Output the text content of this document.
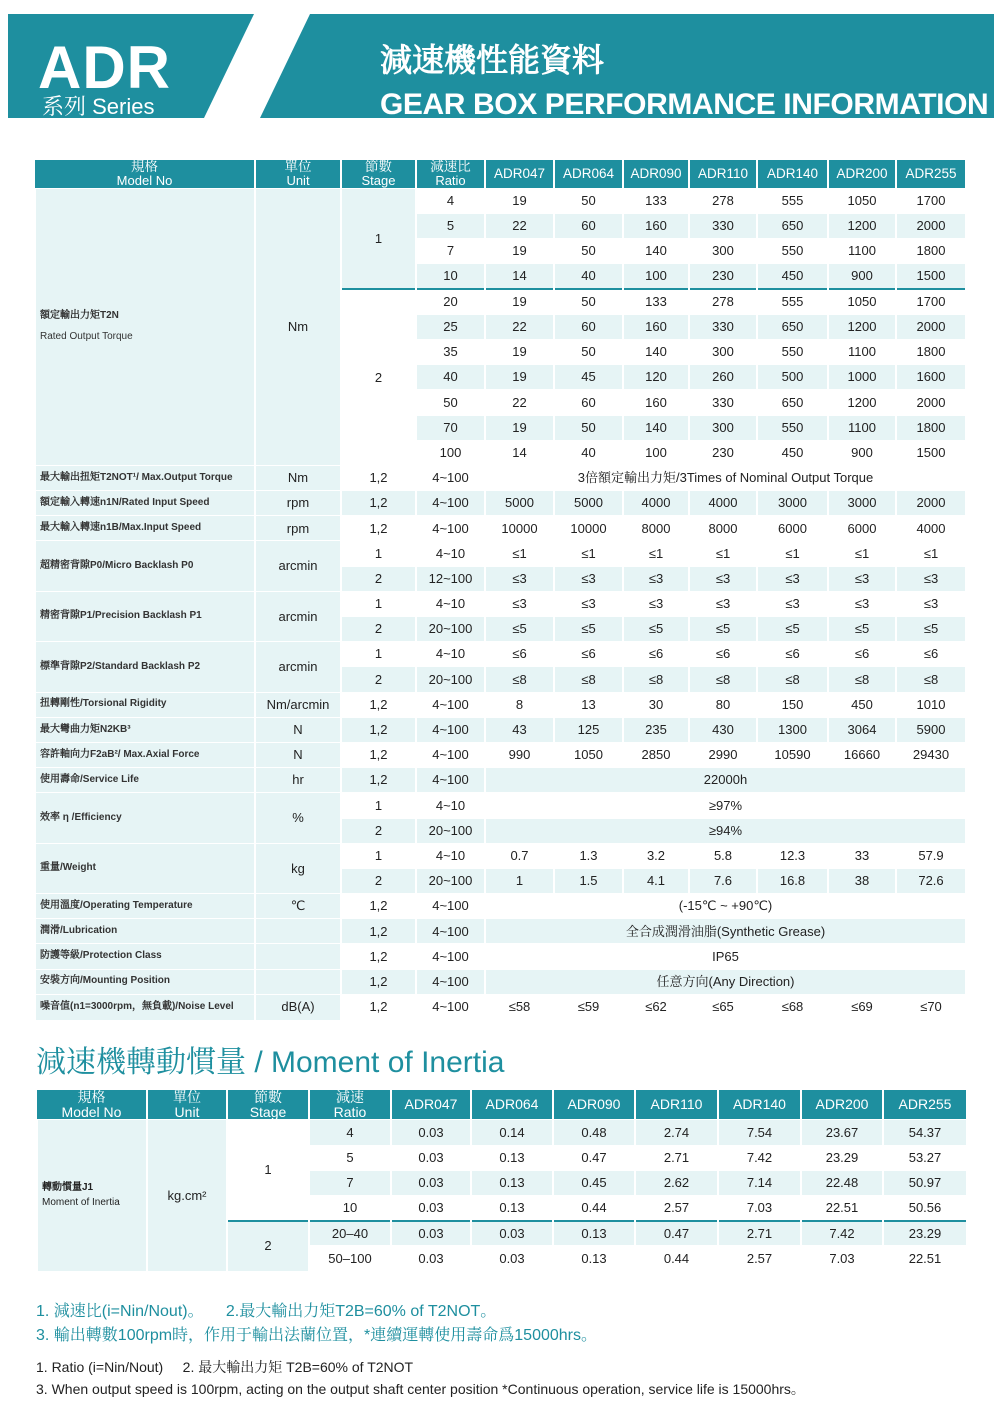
ADR
系列 Series
減速機性能資料
GEAR BOX PERFORMANCE INFORMATION
規格
Model No	單位
Unit	節數
Stage	減速比
Ratio	ADR047	ADR064	ADR090	ADR110	ADR140	ADR200	ADR255

額定輸出力矩T2N
Rated Output Torque	Nm	1	4	19	50	133	278	555	1050	1700
			5	22	60	160	330	650	1200	2000
			7	19	50	140	300	550	1100	1800
			10	14	40	100	230	450	900	1500
		2	20	19	50	133	278	555	1050	1700
			25	22	60	160	330	650	1200	2000
			35	19	50	140	300	550	1100	1800
			40	19	45	120	260	500	1000	1600
			50	22	60	160	330	650	1200	2000
			70	19	50	140	300	550	1100	1800
			100	14	40	100	230	450	900	1500
最大輸出扭矩T2NOT¹/ Max.Output Torque	Nm	1,2	4~100	3倍額定輸出力矩/3Times of Nominal Output Torque						
額定輸入轉速n1N/Rated Input Speed	rpm	1,2	4~100	5000	5000	4000	4000	3000	3000	2000
最大輸入轉速n1B/Max.Input Speed	rpm	1,2	4~100	10000	10000	8000	8000	6000	6000	4000
超精密背隙P0/Micro Backlash P0	arcmin	1	4~10	≤1	≤1	≤1	≤1	≤1	≤1	≤1
		2	12~100	≤3	≤3	≤3	≤3	≤3	≤3	≤3
精密背隙P1/Precision Backlash P1	arcmin	1	4~10	≤3	≤3	≤3	≤3	≤3	≤3	≤3
		2	20~100	≤5	≤5	≤5	≤5	≤5	≤5	≤5
標準背隙P2/Standard Backlash P2	arcmin	1	4~10	≤6	≤6	≤6	≤6	≤6	≤6	≤6
		2	20~100	≤8	≤8	≤8	≤8	≤8	≤8	≤8
扭轉剛性/Torsional Rigidity	Nm/arcmin	1,2	4~100	8	13	30	80	150	450	1010
最大彎曲力矩N2KB³	N	1,2	4~100	43	125	235	430	1300	3064	5900
容許軸向力F2aB²/ Max.Axial Force	N	1,2	4~100	990	1050	2850	2990	10590	16660	29430
使用壽命/Service Life	hr	1,2	4~100	22000h						
效率 η /Efficiency	%	1	4~10	≥97%						
		2	20~100	≥94%						
重量/Weight	kg	1	4~10	0.7	1.3	3.2	5.8	12.3	33	57.9
		2	20~100	1	1.5	4.1	7.6	16.8	38	72.6
使用溫度/Operating Temperature	℃	1,2	4~100	(-15℃ ~ +90℃)						
潤滑/Lubrication		1,2	4~100	全合成潤滑油脂(Synthetic Grease)						
防護等級/Protection Class		1,2	4~100	IP65						
安裝方向/Mounting Position		1,2	4~100	任意方向(Any Direction)						
噪音值(n1=3000rpm，無負載)/Noise Level	dB(A)	1,2	4~100	≤58	≤59	≤62	≤65	≤68	≤69	≤70
減速機轉動慣量 / Moment of Inertia
規格
Model No	單位
Unit	節數
Stage	減速
Ratio	ADR047	ADR064	ADR090	ADR110	ADR140	ADR200	ADR255

轉動慣量J1
Moment of Inertia	kg.cm²	1	4	0.03	0.14	0.48	2.74	7.54	23.67	54.37
			5	0.03	0.13	0.47	2.71	7.42	23.29	53.27
			7	0.03	0.13	0.45	2.62	7.14	22.48	50.97
			10	0.03	0.13	0.44	2.57	7.03	22.51	50.56
		2	20–40	0.03	0.03	0.13	0.47	2.71	7.42	23.29
			50–100	0.03	0.03	0.13	0.44	2.57	7.03	22.51
1. 減速比(i=Nin/Nout)。 2.最大輸出力矩T2B=60% of T2NOT。
3. 輸出轉數100rpm時，作用于輸出法蘭位置，*連續運轉使用壽命爲15000hrs。
1. Ratio (i=Nin/Nout) 2. 最大輸出力矩 T2B=60% of T2NOT
3. When output speed is 100rpm, acting on the output shaft center position *Continuous operation, service life is 15000hrs。
